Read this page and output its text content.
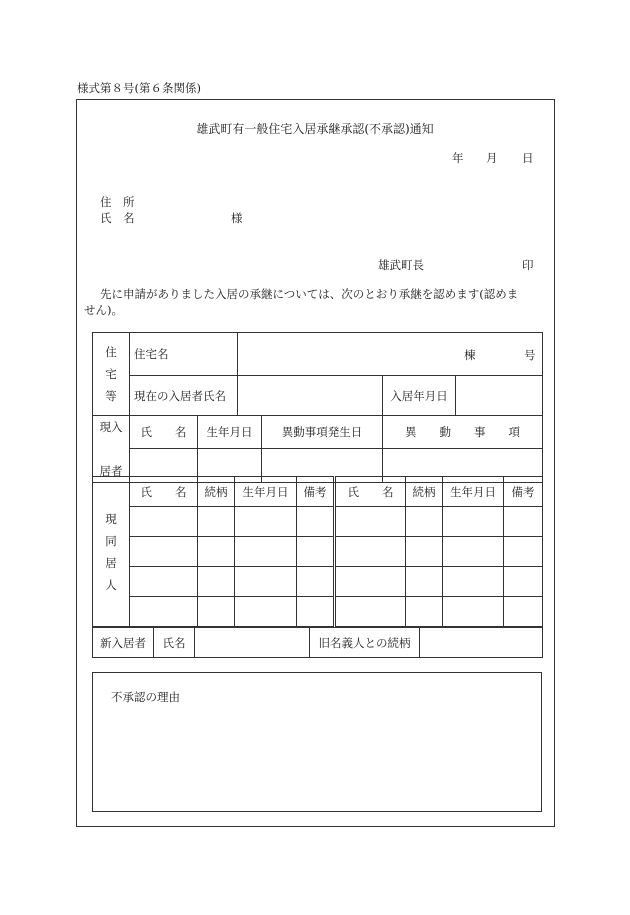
様式第８号(第６条関係)
雄武町有一般住宅入居承継承認(不承認)通知
年 月 日
住　所
氏　名	様
雄武町長	印
先に申請がありました入居の承継については、次のとおり承継を認めます(認めま
せん)。
住
宅
等	住宅名	棟 号		

	現在の入居者氏名		入居年月日	
現入

居者	氏　　名	生年月日	異動事項発生日	異　　動　　事　　項

現
同
居
人	氏　　名	続柄	生年月日	備考	氏　　名	続柄	生年月日	備考

新入居者	氏名		旧名義人との続柄	
不承認の理由
